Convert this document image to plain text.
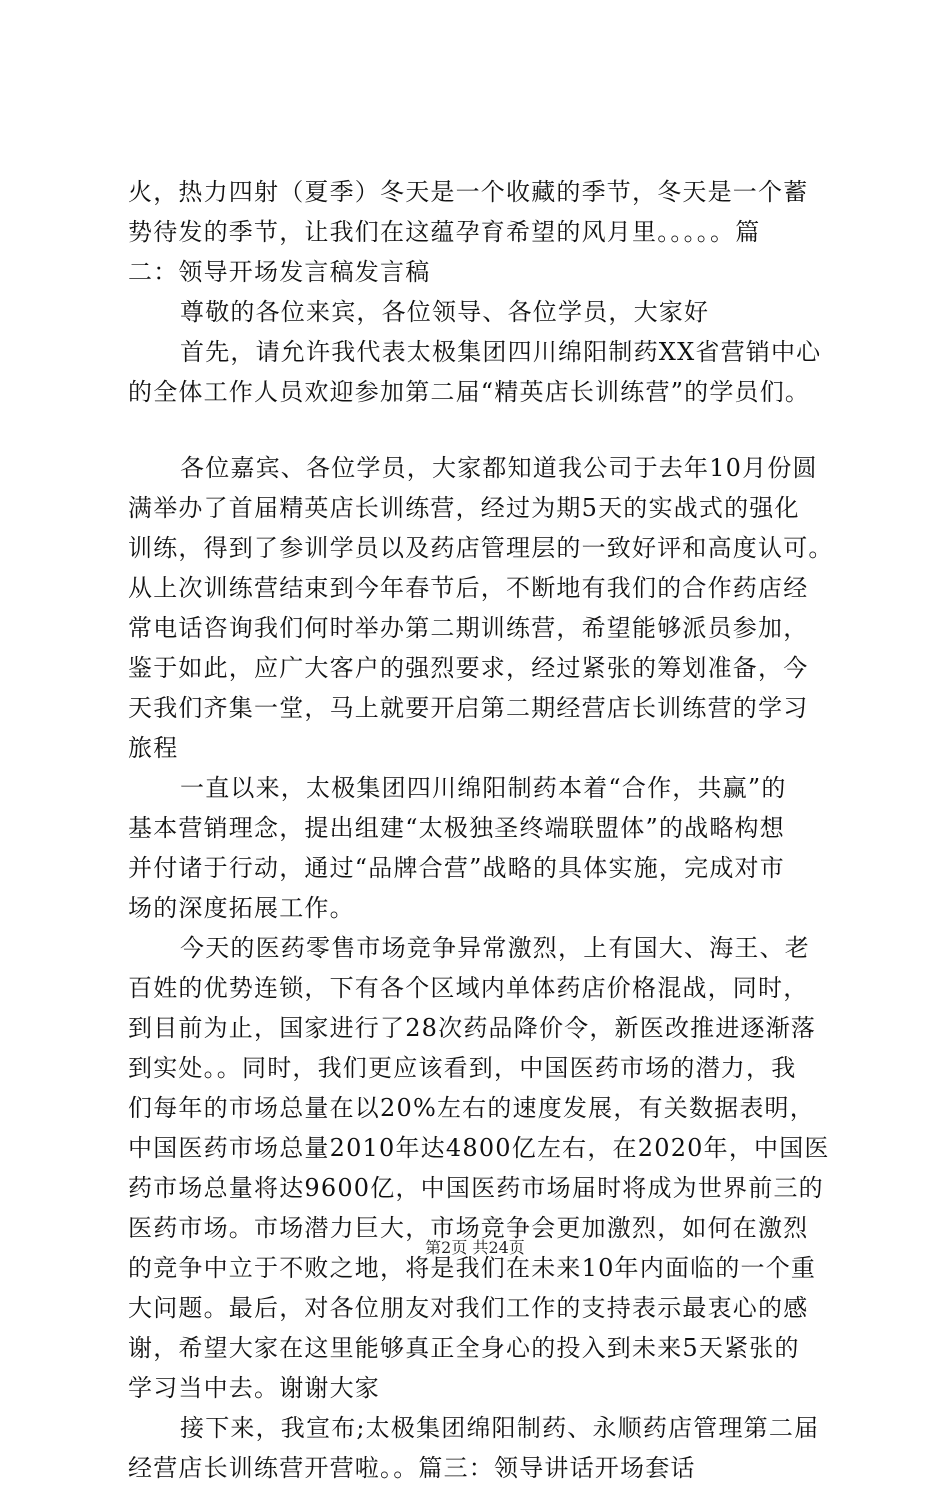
火，热力四射（夏季）冬天是一个收藏的季节，冬天是一个蓄
势待发的季节，让我们在这蕴孕育希望的风月里。。。。。篇
二：领导开场发言稿发言稿
尊敬的各位来宾，各位领导、各位学员，大家好
首先，请允许我代表太极集团四川绵阳制药XX省营销中心
的全体工作人员欢迎参加第二届“精英店长训练营”的学员们。
各位嘉宾、各位学员，大家都知道我公司于去年10月份圆
满举办了首届精英店长训练营，经过为期5天的实战式的强化
训练，得到了参训学员以及药店管理层的一致好评和高度认可。
从上次训练营结束到今年春节后，不断地有我们的合作药店经
常电话咨询我们何时举办第二期训练营，希望能够派员参加，
鉴于如此，应广大客户的强烈要求，经过紧张的筹划准备，今
天我们齐集一堂，马上就要开启第二期经营店长训练营的学习
旅程
一直以来，太极集团四川绵阳制药本着“合作，共赢”的
基本营销理念，提出组建“太极独圣终端联盟体”的战略构想
并付诸于行动，通过“品牌合营”战略的具体实施，完成对市
场的深度拓展工作。
今天的医药零售市场竞争异常激烈，上有国大、海王、老
百姓的优势连锁，下有各个区域内单体药店价格混战，同时，
到目前为止，国家进行了28次药品降价令，新医改推进逐渐落
到实处。。同时，我们更应该看到，中国医药市场的潜力，我
们每年的市场总量在以20%左右的速度发展，有关数据表明，
中国医药市场总量2010年达4800亿左右，在2020年，中国医
药市场总量将达9600亿，中国医药市场届时将成为世界前三的
医药市场。市场潜力巨大，市场竞争会更加激烈，如何在激烈
的竞争中立于不败之地，将是我们在未来10年内面临的一个重
大问题。最后，对各位朋友对我们工作的支持表示最衷心的感
谢，希望大家在这里能够真正全身心的投入到未来5天紧张的
学习当中去。谢谢大家
接下来，我宣布;太极集团绵阳制药、永顺药店管理第二届
经营店长训练营开营啦。。篇三：领导讲话开场套话
第2页 共24页
